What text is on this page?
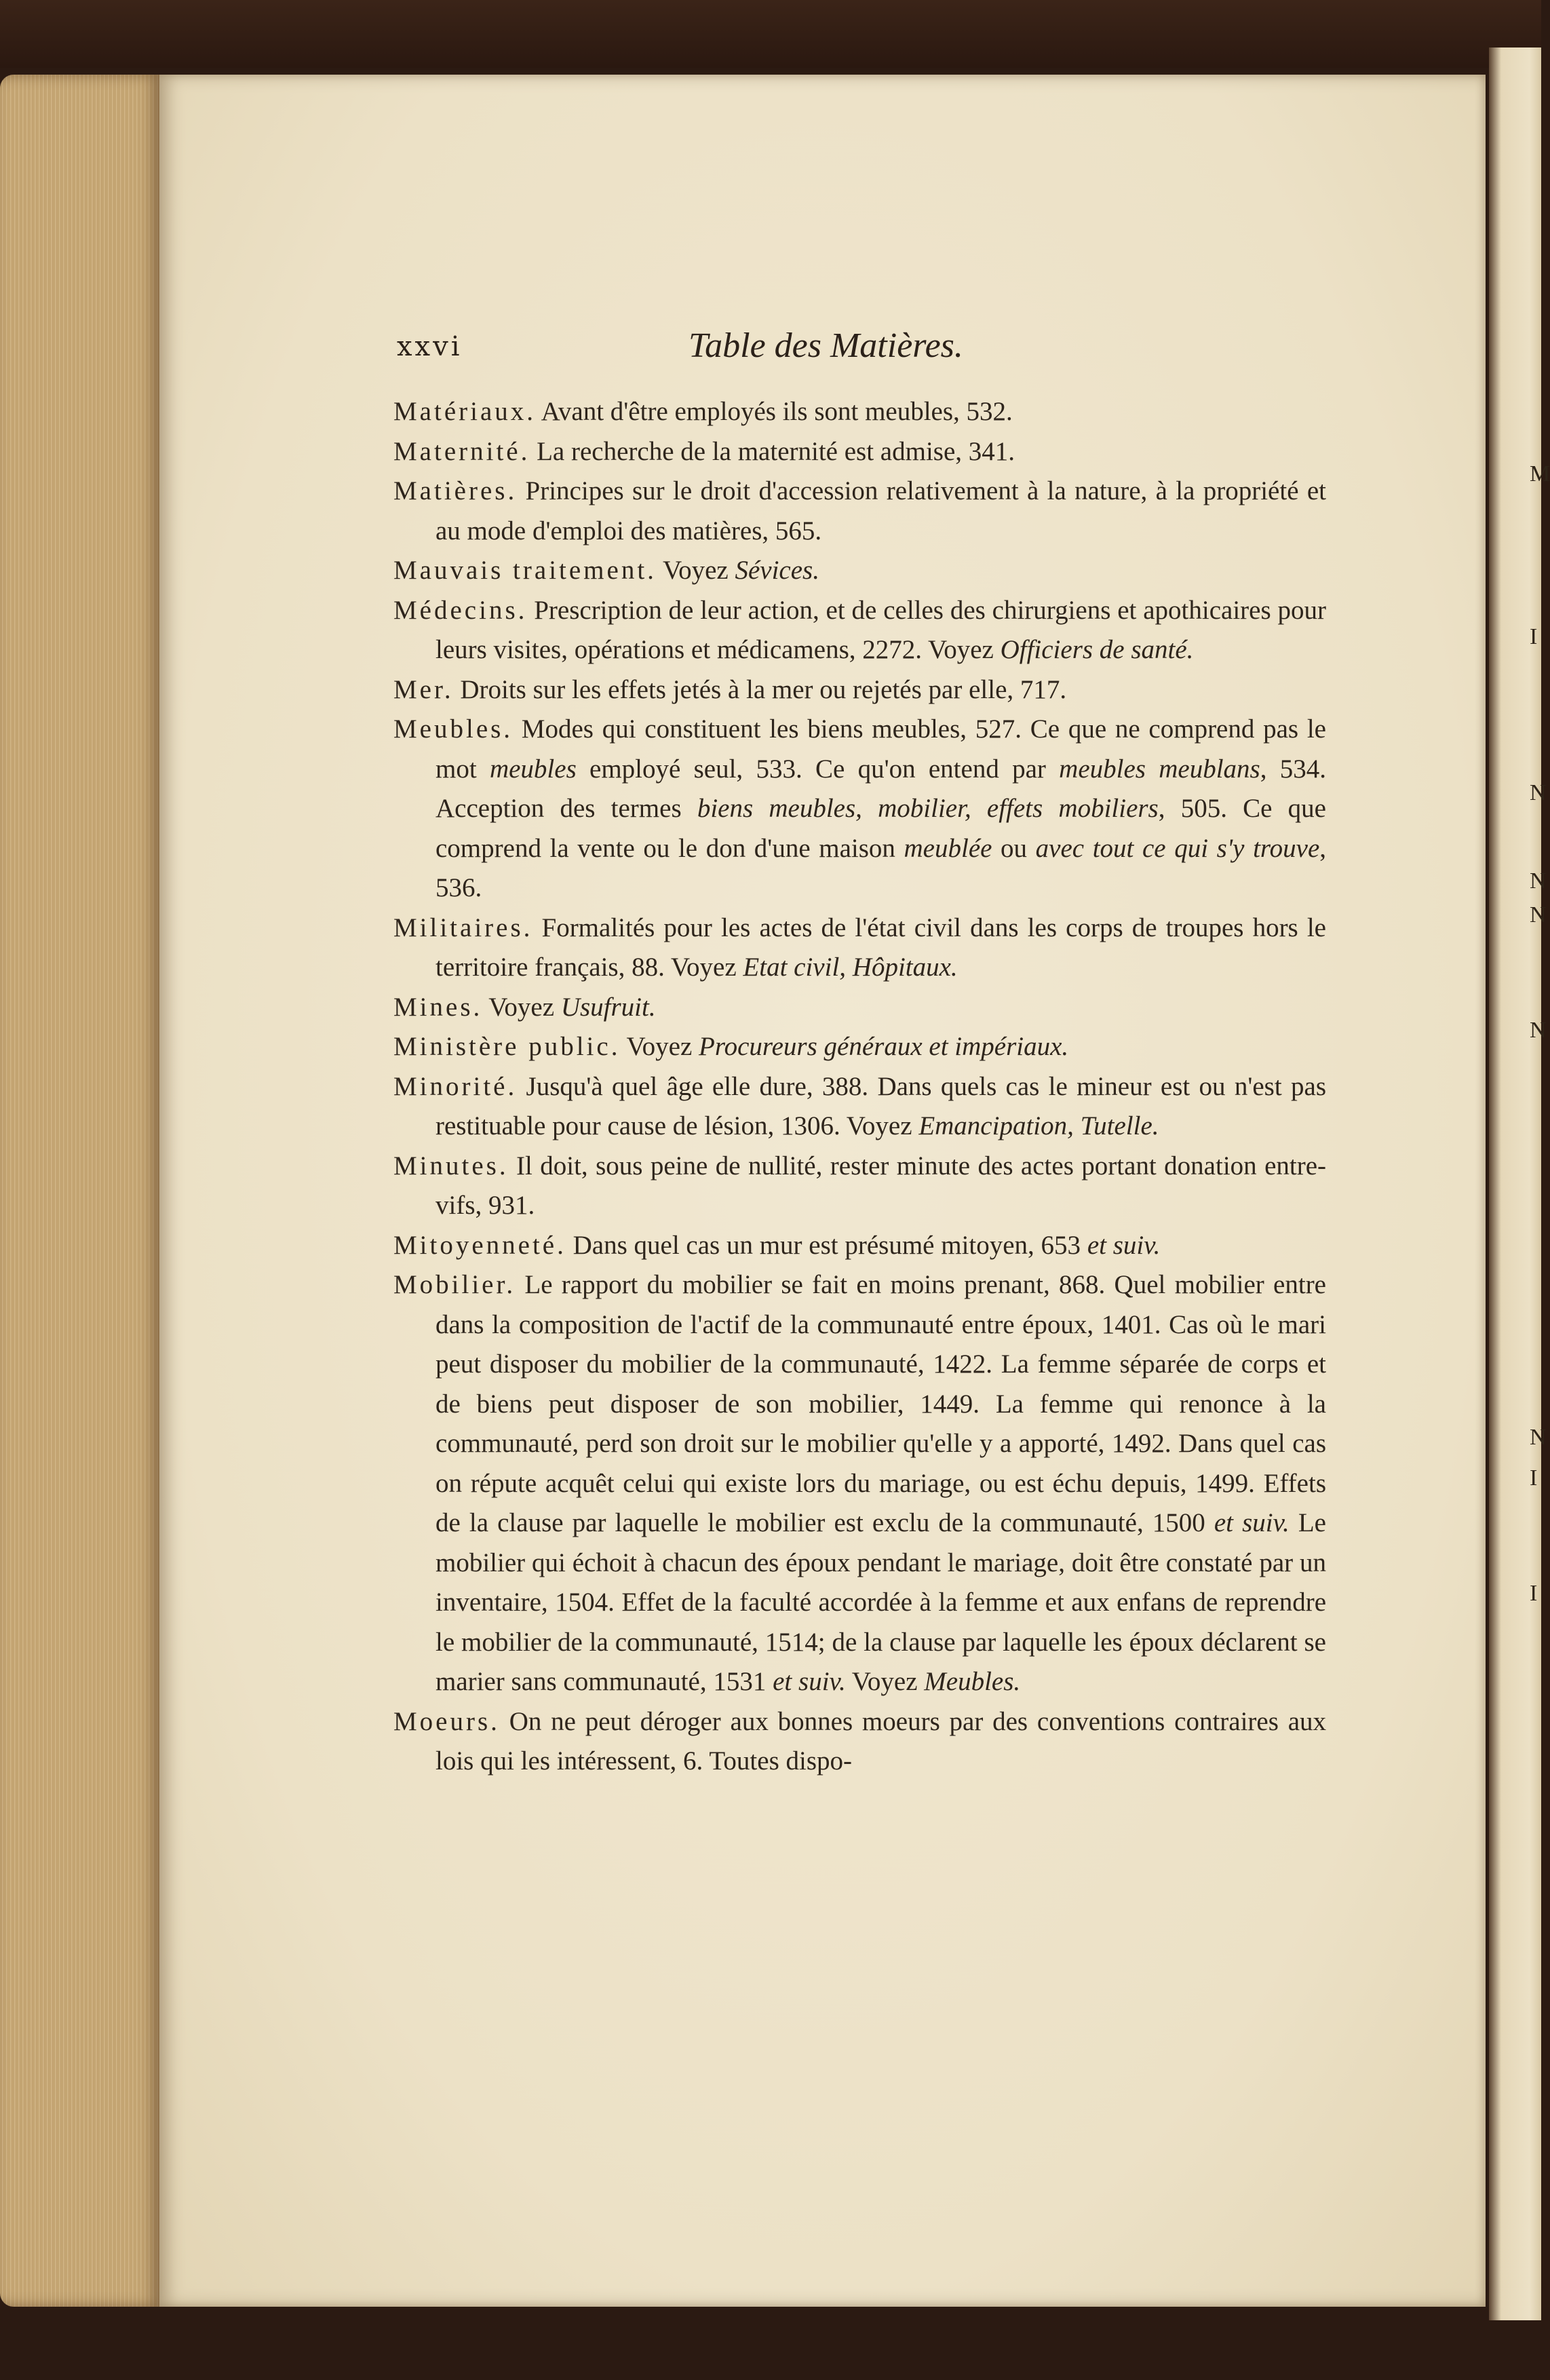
xxvi	Table des Matières.
Matériaux. Avant d'être employés ils sont meubles, 532.
Maternité. La recherche de la maternité est admise, 341.
Matières. Principes sur le droit d'accession relativement à la nature, à la propriété et au mode d'emploi des matières, 565.
Mauvais traitement. Voyez Sévices.
Médecins. Prescription de leur action, et de celles des chirurgiens et apothicaires pour leurs visites, opérations et médicamens, 2272. Voyez Officiers de santé.
Mer. Droits sur les effets jetés à la mer ou rejetés par elle, 717.
Meubles. Modes qui constituent les biens meubles, 527. Ce que ne comprend pas le mot meubles employé seul, 533. Ce qu'on entend par meubles meublans, 534. Acception des termes biens meubles, mobilier, effets mobiliers, 505. Ce que comprend la vente ou le don d'une maison meublée ou avec tout ce qui s'y trouve, 536.
Militaires. Formalités pour les actes de l'état civil dans les corps de troupes hors le territoire français, 88. Voyez Etat civil, Hôpitaux.
Mines. Voyez Usufruit.
Ministère public. Voyez Procureurs généraux et impériaux.
Minorité. Jusqu'à quel âge elle dure, 388. Dans quels cas le mineur est ou n'est pas restituable pour cause de lésion, 1306. Voyez Emancipation, Tutelle.
Minutes. Il doit, sous peine de nullité, rester minute des actes portant donation entre-vifs, 931.
Mitoyenneté. Dans quel cas un mur est présumé mitoyen, 653 et suiv.
Mobilier. Le rapport du mobilier se fait en moins prenant, 868. Quel mobilier entre dans la composition de l'actif de la communauté entre époux, 1401. Cas où le mari peut disposer du mobilier de la communauté, 1422. La femme séparée de corps et de biens peut disposer de son mobilier, 1449. La femme qui renonce à la communauté, perd son droit sur le mobilier qu'elle y a apporté, 1492. Dans quel cas on répute acquêt celui qui existe lors du mariage, ou est échu depuis, 1499. Effets de la clause par laquelle le mobilier est exclu de la communauté, 1500 et suiv. Le mobilier qui échoit à chacun des époux pendant le mariage, doit être constaté par un inventaire, 1504. Effet de la faculté accordée à la femme et aux enfans de reprendre le mobilier de la communauté, 1514; de la clause par laquelle les époux déclarent se marier sans communauté, 1531 et suiv. Voyez Meubles.
Moeurs. On ne peut déroger aux bonnes moeurs par des conventions contraires aux lois qui les intéressent, 6. Toutes dispo-
M
I
N
N
N
N
N
I
I
